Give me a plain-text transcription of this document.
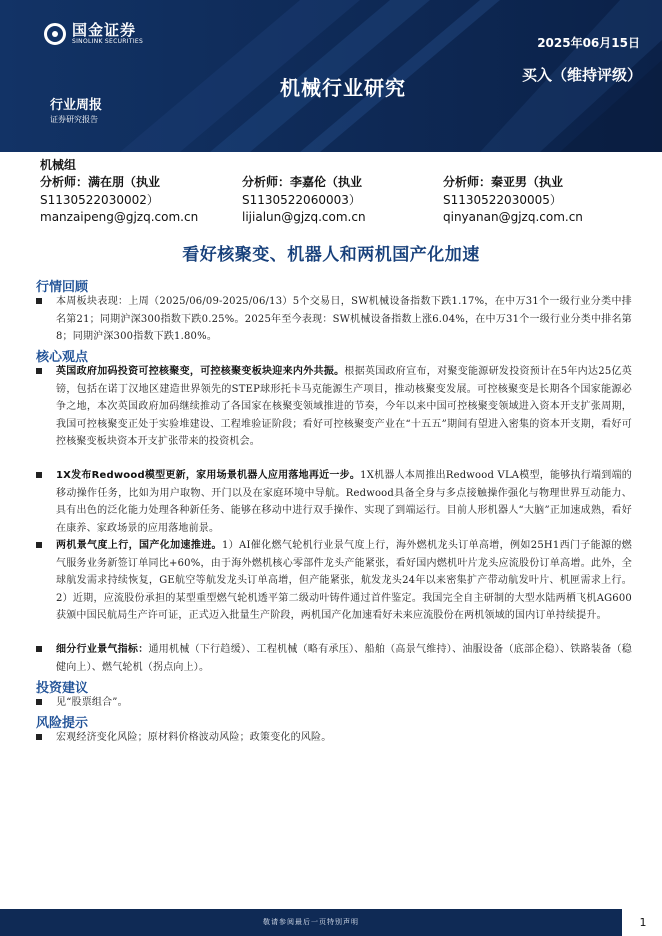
国金证券
SINOLINK SECURITIES	2025年06月15日
买入（维持评级）
机械行业研究
行业周报
证券研究报告
机械组
分析师：满在朋（执业
S1130522030002）
manzaipeng@gjzq.com.cn
分析师：李嘉伦（执业
S1130522060003）
lijialun@gjzq.com.cn
分析师：秦亚男（执业
S1130522030005）
qinyanan@gjzq.com.cn
看好核聚变、机器人和两机国产化加速
行情回顾
本周板块表现：上周（2025/06/09-2025/06/13）5个交易日，SW机械设备指数下跌1.17%，在中万31个一级行业分类中排名第21；同期沪深300指数下跌0.25%。2025年至今表现：SW机械设备指数上涨6.04%，在中万31个一级行业分类中排名第8；同期沪深300指数下跌1.80%。
核心观点
英国政府加码投资可控核聚变，可控核聚变板块迎来内外共振。根据英国政府宣布，对聚变能源研发投资预计在5年内达25亿英镑，包括在诺丁汉地区建造世界领先的STEP球形托卡马克能源生产项目，推动核聚变发展。可控核聚变是长期各个国家能源必争之地，本次英国政府加码继续推动了各国家在核聚变领域推进的节奏，今年以来中国可控核聚变领域进入资本开支扩张周期，我国可控核聚变正处于实验堆建设、工程堆验证阶段；看好可控核聚变产业在“十五五”期间有望进入密集的资本开支期，看好可控核聚变板块资本开支扩张带来的投资机会。
1X发布Redwood模型更新，家用场景机器人应用落地再近一步。1X机器人本周推出Redwood VLA模型，能够执行端到端的移动操作任务，比如为用户取物、开门以及在家庭环境中导航。Redwood具备全身与多点接触操作强化与物理世界互动能力、具有出色的泛化能力处理各种新任务、能够在移动中进行双手操作、实现了到端运行。目前人形机器人“大脑”正加速成熟，看好在康养、家政场景的应用落地前景。
两机景气度上行，国产化加速推进。1）AI催化燃气轮机行业景气度上行，海外燃机龙头订单高增，例如25H1西门子能源的燃气服务业务新签订单同比+60%，由于海外燃机核心零部件龙头产能紧张，看好国内燃机叶片龙头应流股份订单高增。此外，全球航发需求持续恢复，GE航空等航发龙头订单高增，但产能紧张，航发龙头24年以来密集扩产带动航发叶片、机匣需求上行。2）近期，应流股份承担的某型重型燃气轮机透平第二级动叶铸件通过首件鉴定。我国完全自主研制的大型水陆两栖飞机AG600获颁中国民航局生产许可证，正式迈入批量生产阶段，两机国产化加速看好未来应流股份在两机领域的国内订单持续提升。
细分行业景气指标：通用机械（下行趋缓）、工程机械（略有承压）、船舶（高景气维持）、油服设备（底部企稳）、铁路装备（稳健向上）、燃气轮机（拐点向上）。
投资建议
见“股票组合”。
风险提示
宏观经济变化风险；原材料价格波动风险；政策变化的风险。
敬请参阅最后一页特别声明	1
